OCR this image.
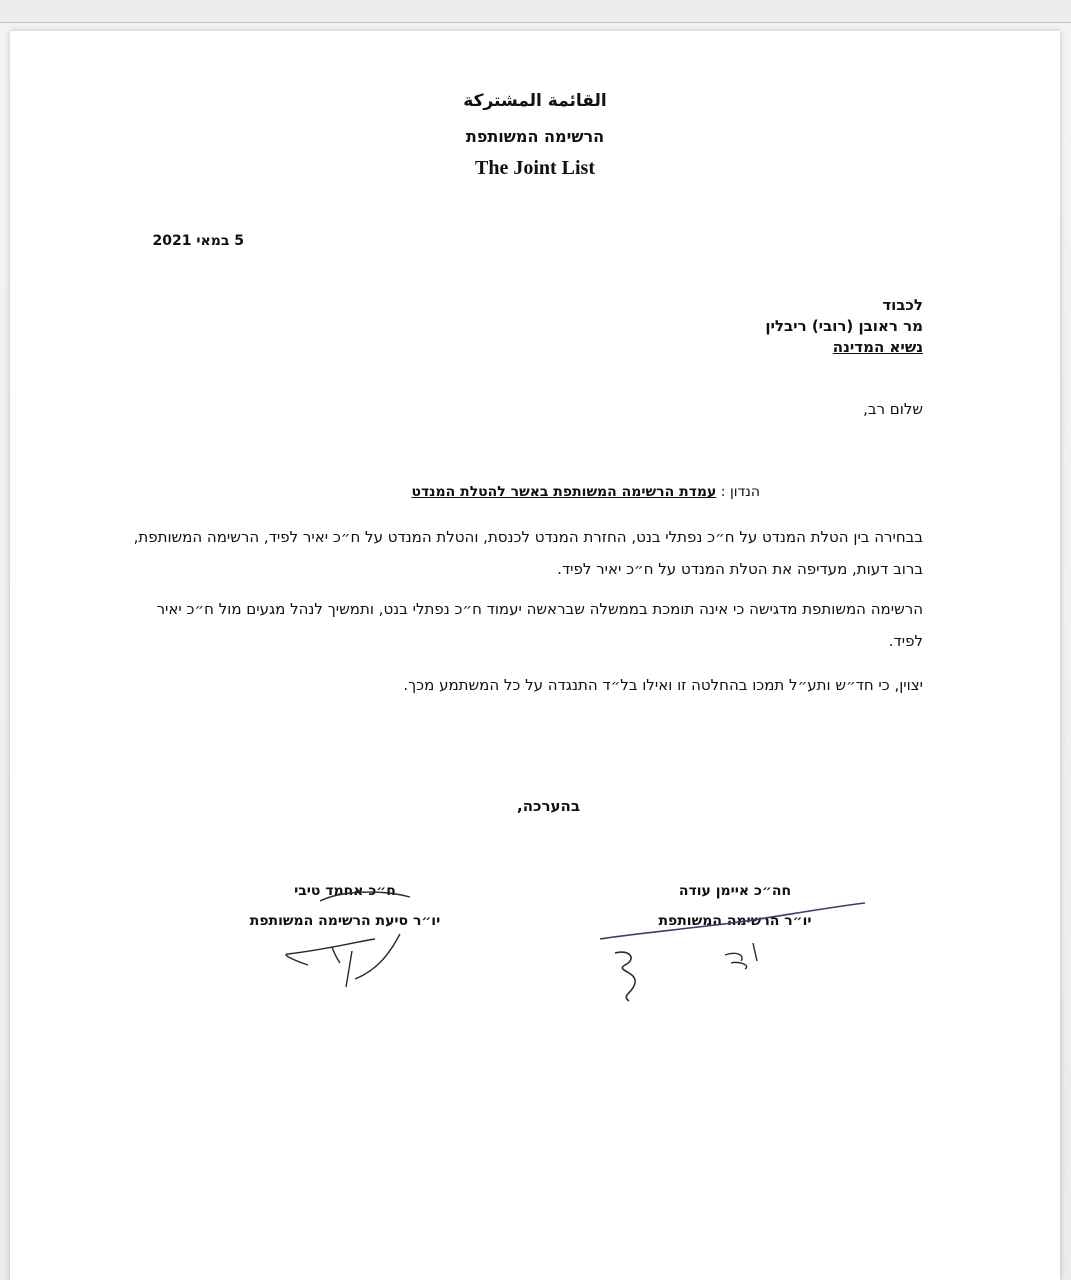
القائمة المشتركة
הרשימה המשותפת
The Joint List
5 במאי 2021
לכבוד
מר ראובן (רובי) ריבלין
נשיא המדינה
שלום רב,
הנדון : עמדת הרשימה המשותפת באשר להטלת המנדט
בבחירה בין הטלת המנדט על ח״כ נפתלי בנט, החזרת המנדט לכנסת, והטלת המנדט על ח״כ יאיר לפיד, הרשימה המשותפת, ברוב דעות, מעדיפה את הטלת המנדט על ח״כ יאיר לפיד.
הרשימה המשותפת מדגישה כי אינה תומכת בממשלה שבראשה יעמוד ח״כ נפתלי בנט, ותמשיך לנהל מגעים מול ח״כ יאיר לפיד.
יצוין, כי חד״ש ותע״ל תמכו בהחלטה זו ואילו בל״ד התנגדה על כל המשתמע מכך.
בהערכה,
ח״כ אחמד טיבי
יו״ר סיעת הרשימה המשותפת
חה״כ איימן עודה
יו״ר הרשימה המשותפת
